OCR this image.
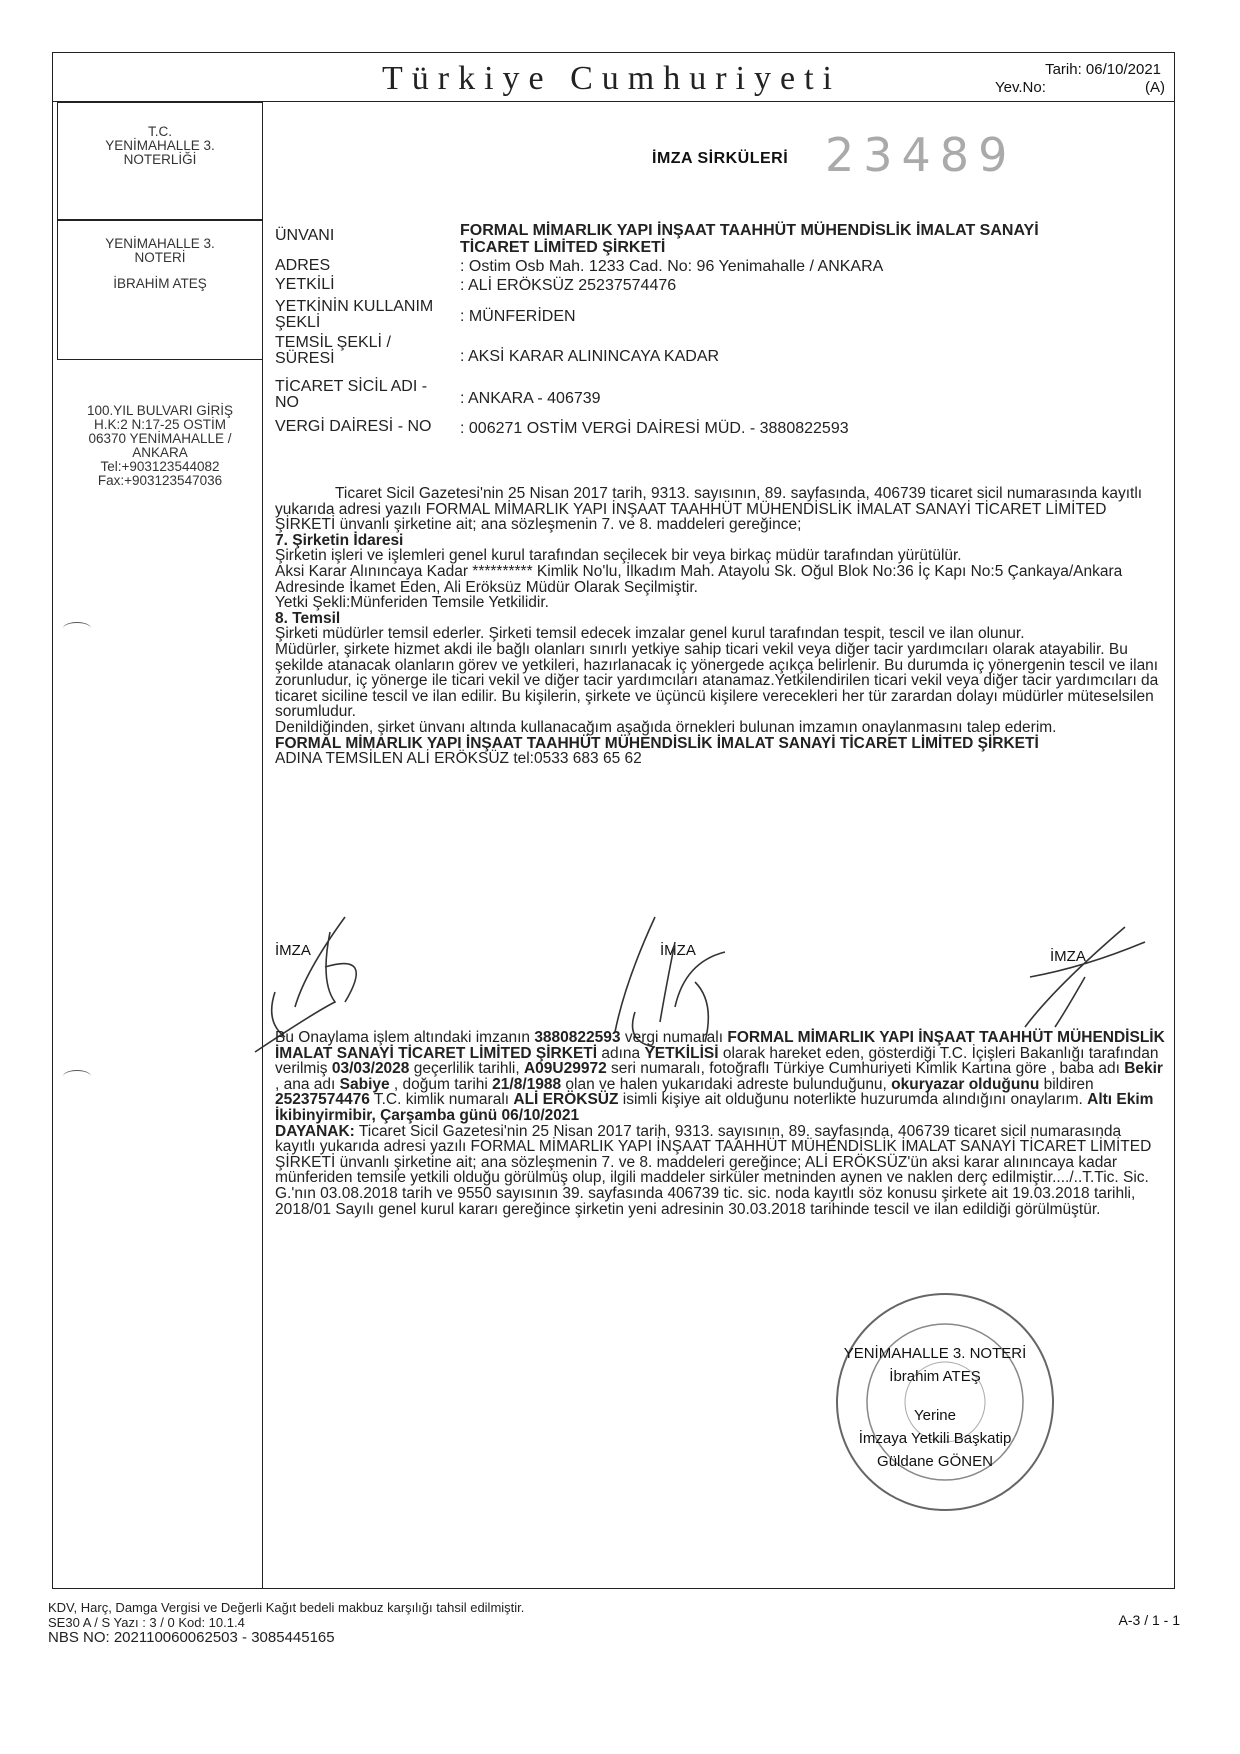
Türkiye Cumhuriyeti	Tarih: 06/10/2021
Yev.No:	(A)
T.C.
YENİMAHALLE 3.
NOTERLİĞİ
YENİMAHALLE 3.
NOTERİ
İBRAHİM ATEŞ
100.YIL BULVARI GİRİŞ
H.K:2 N:17-25 OSTİM
06370 YENİMAHALLE /
ANKARA
Tel:+903123544082
Fax:+903123547036
İMZA SİRKÜLERİ 23489
ÜNVANI	FORMAL MİMARLIK YAPI İNŞAAT TAAHHÜT MÜHENDİSLİK İMALAT SANAYİ
TİCARET LİMİTED ŞİRKETİ
ADRES	: Ostim Osb Mah. 1233 Cad. No: 96 Yenimahalle / ANKARA
YETKİLİ	: ALİ ERÖKSÜZ 25237574476
YETKİNİN KULLANIM ŞEKLİ	: MÜNFERİDEN
TEMSİL ŞEKLİ / SÜRESİ	: AKSİ KARAR ALININCAYA KADAR
TİCARET SİCİL ADI - NO	: ANKARA - 406739
VERGİ DAİRESİ - NO	: 006271 OSTİM VERGİ DAİRESİ MÜD. - 3880822593

Ticaret Sicil Gazetesi'nin 25 Nisan 2017 tarih, 9313. sayısının, 89. sayfasında, 406739 ticaret sicil numarasında kayıtlı yukarıda adresi yazılı FORMAL MİMARLIK YAPI İNŞAAT TAAHHÜT MÜHENDİSLİK İMALAT SANAYİ TİCARET LİMİTED ŞİRKETİ ünvanlı şirketine ait; ana sözleşmenin 7. ve 8. maddeleri gereğince;

7. Şirketin İdaresi

Şirketin işleri ve işlemleri genel kurul tarafından seçilecek bir veya birkaç müdür tarafından yürütülür.

Aksi Karar Alınıncaya Kadar ********** Kimlik No'lu, İlkadım Mah. Atayolu Sk. Oğul Blok No:36 İç Kapı No:5 Çankaya/Ankara Adresinde İkamet Eden, Ali Eröksüz Müdür Olarak Seçilmiştir.

Yetki Şekli:Münferiden Temsile Yetkilidir.

8. Temsil

Şirketi müdürler temsil ederler. Şirketi temsil edecek imzalar genel kurul tarafından tespit, tescil ve ilan olunur.

Müdürler, şirkete hizmet akdi ile bağlı olanları sınırlı yetkiye sahip ticari vekil veya diğer tacir yardımcıları olarak atayabilir. Bu şekilde atanacak olanların görev ve yetkileri, hazırlanacak iç yönergede açıkça belirlenir. Bu durumda iç yönergenin tescil ve ilanı zorunludur, iç yönerge ile ticari vekil ve diğer tacir yardımcıları atanamaz.Yetkilendirilen ticari vekil veya diğer tacir yardımcıları da ticaret siciline tescil ve ilan edilir. Bu kişilerin, şirkete ve üçüncü kişilere verecekleri her tür zarardan dolayı müdürler müteselsilen sorumludur.

Denildiğinden, şirket ünvanı altında kullanacağım aşağıda örnekleri bulunan imzamın onaylanmasını talep ederim.

FORMAL MİMARLIK YAPI İNŞAAT TAAHHÜT MÜHENDİSLİK İMALAT SANAYİ TİCARET LİMİTED ŞİRKETİ

ADINA TEMSİLEN ALİ ERÖKSÜZ tel:0533 683 65 62

İMZA	İMZA	İMZA

Bu Onaylama işlem altındaki imzanın 3880822593 vergi numaralı FORMAL MİMARLIK YAPI İNŞAAT TAAHHÜT MÜHENDİSLİK İMALAT SANAYİ TİCARET LİMİTED ŞİRKETİ adına YETKİLİSİ olarak hareket eden, gösterdiği T.C. İçişleri Bakanlığı tarafından verilmiş 03/03/2028 geçerlilik tarihli, A09U29972 seri numaralı, fotoğraflı Türkiye Cumhuriyeti Kimlik Kartına göre , baba adı Bekir , ana adı Sabiye , doğum tarihi 21/8/1988 olan ve halen yukarıdaki adreste bulunduğunu, okuryazar olduğunu bildiren 25237574476 T.C. kimlik numaralı ALİ ERÖKSÜZ isimli kişiye ait olduğunu noterlikte huzurumda alındığını onaylarım. Altı Ekim İkibinyirmibir, Çarşamba günü 06/10/2021

DAYANAK: Ticaret Sicil Gazetesi'nin 25 Nisan 2017 tarih, 9313. sayısının, 89. sayfasında, 406739 ticaret sicil numarasında kayıtlı yukarıda adresi yazılı FORMAL MİMARLIK YAPI İNŞAAT TAAHHÜT MÜHENDİSLİK İMALAT SANAYİ TİCARET LİMİTED ŞİRKETİ ünvanlı şirketine ait; ana sözleşmenin 7. ve 8. maddeleri gereğince; ALİ ERÖKSÜZ'ün aksi karar alınıncaya kadar münferiden temsile yetkili olduğu görülmüş olup, ilgili maddeler sirküler metninden aynen ve naklen derç edilmiştir..../..T.Tic. Sic. G.'nın 03.08.2018 tarih ve 9550 sayısının 39. sayfasında 406739 tic. sic. noda kayıtlı söz konusu şirkete ait 19.03.2018 tarihli, 2018/01 Sayılı genel kurul kararı gereğince şirketin yeni adresinin 30.03.2018 tarihinde tescil ve ilan edildiği görülmüştür.

YENİMAHALLE 3. NOTERİ
İbrahim ATEŞ
Yerine
İmzaya Yetkili Başkatip
Güldane GÖNEN
KDV, Harç, Damga Vergisi ve Değerli Kağıt bedeli makbuz karşılığı tahsil edilmiştir.
SE30 A / S Yazı : 3 / 0 Kod: 10.1.4
NBS NO: 202110060062503 - 3085445165
A-3 / 1 - 1
